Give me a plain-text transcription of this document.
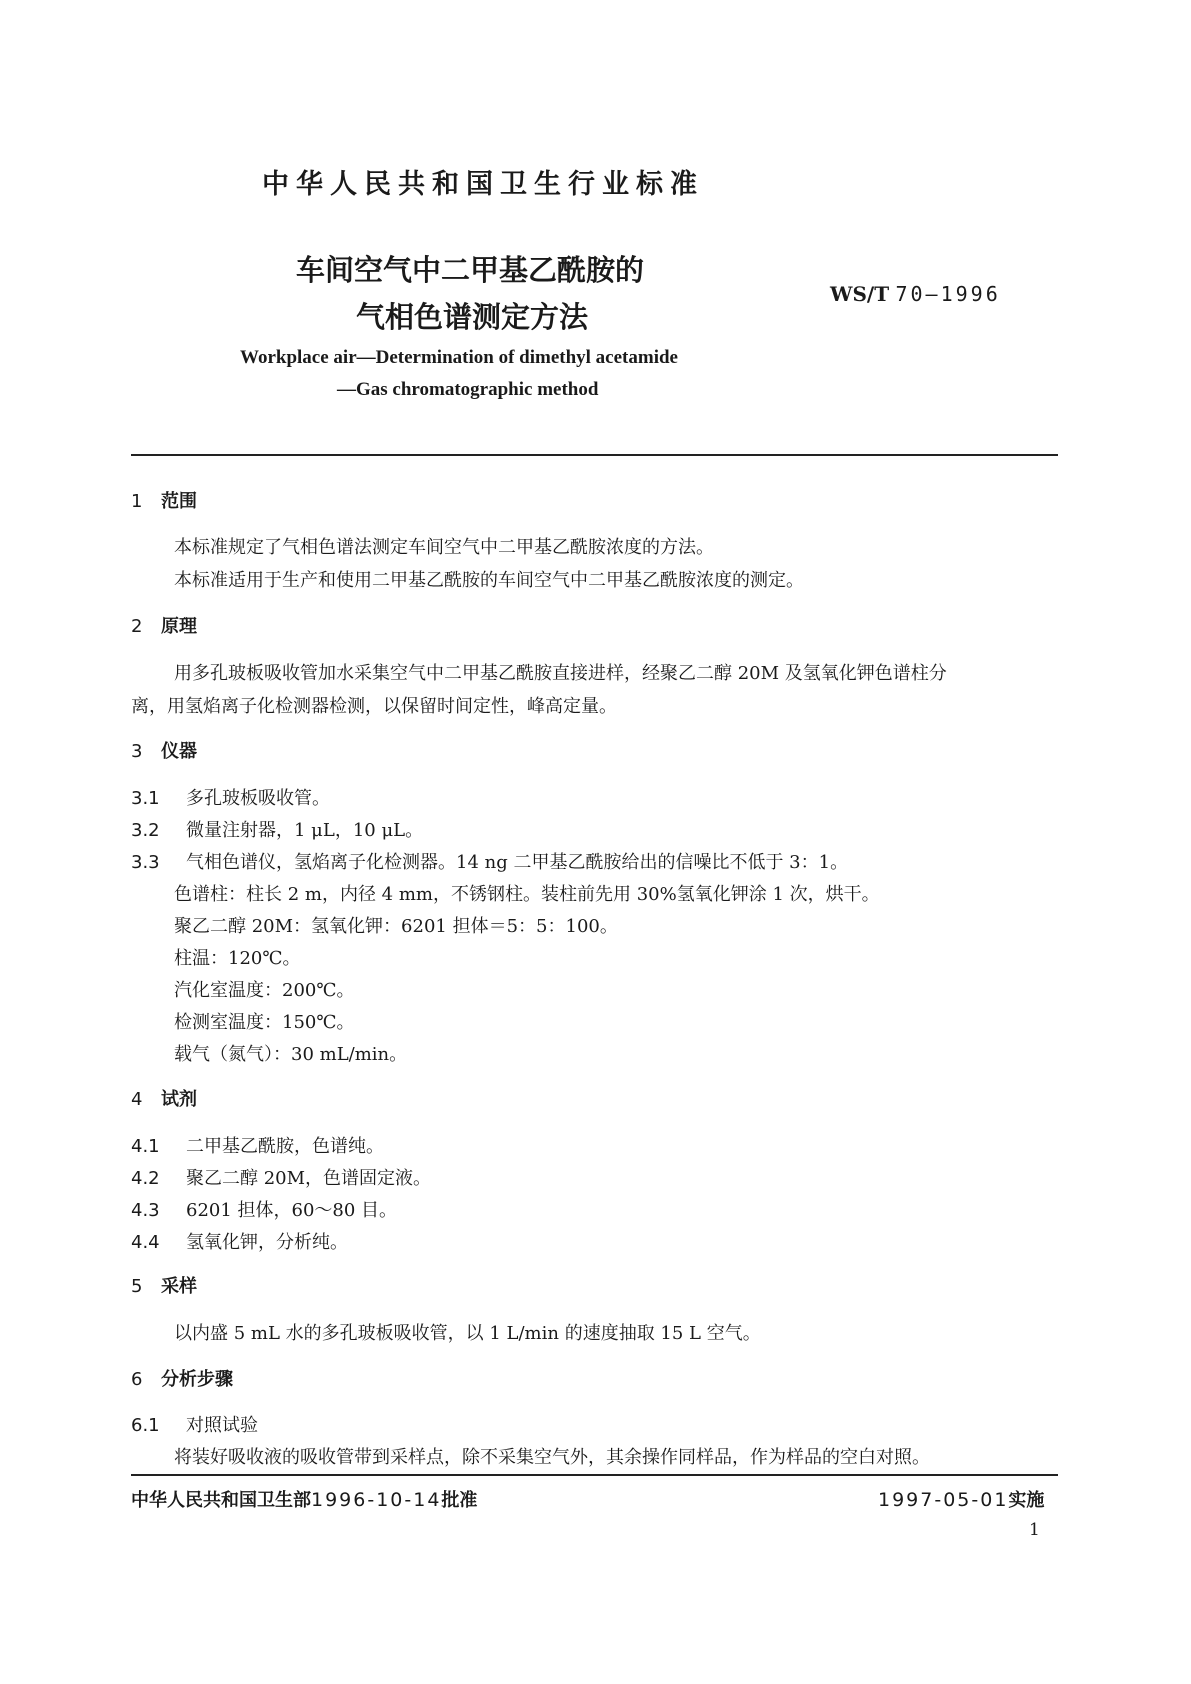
中华人民共和国卫生行业标准
车间空气中二甲基乙酰胺的
气相色谱测定方法
WS/T 70—1996
Workplace air—Determination of dimethyl acetamide
—Gas chromatographic method
1 范围
本标准规定了气相色谱法测定车间空气中二甲基乙酰胺浓度的方法。
本标准适用于生产和使用二甲基乙酰胺的车间空气中二甲基乙酰胺浓度的测定。
2 原理
用多孔玻板吸收管加水采集空气中二甲基乙酰胺直接进样，经聚乙二醇 20M 及氢氧化钾色谱柱分
离，用氢焰离子化检测器检测，以保留时间定性，峰高定量。
3 仪器
3.1 多孔玻板吸收管。
3.2 微量注射器，1 μL，10 μL。
3.3 气相色谱仪，氢焰离子化检测器。14 ng 二甲基乙酰胺给出的信噪比不低于 3：1。
色谱柱：柱长 2 m，内径 4 mm，不锈钢柱。装柱前先用 30%氢氧化钾涂 1 次，烘干。
聚乙二醇 20M：氢氧化钾：6201 担体＝5：5：100。
柱温：120℃。
汽化室温度：200℃。
检测室温度：150℃。
载气（氮气）：30 mL/min。
4 试剂
4.1 二甲基乙酰胺，色谱纯。
4.2 聚乙二醇 20M，色谱固定液。
4.3 6201 担体，60～80 目。
4.4 氢氧化钾，分析纯。
5 采样
以内盛 5 mL 水的多孔玻板吸收管，以 1 L/min 的速度抽取 15 L 空气。
6 分析步骤
6.1 对照试验
将装好吸收液的吸收管带到采样点，除不采集空气外，其余操作同样品，作为样品的空白对照。
中华人民共和国卫生部1996-10-14批准	1997-05-01实施
1
